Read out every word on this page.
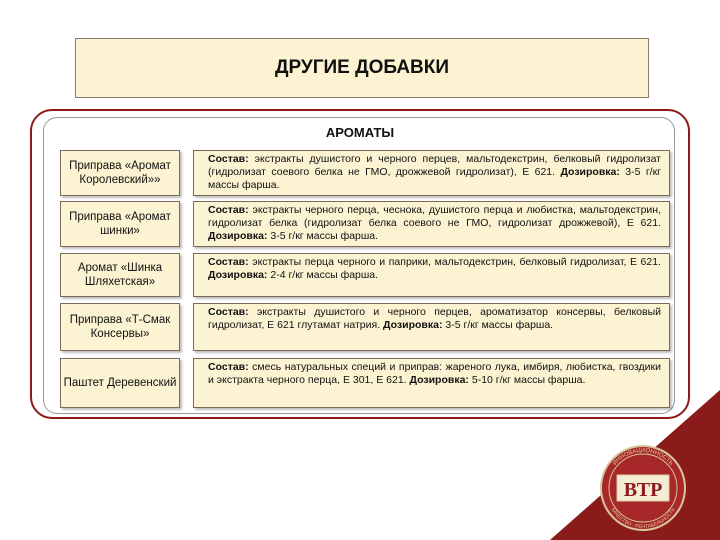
ДРУГИЕ ДОБАВКИ
АРОМАТЫ
Приправа «Аромат Королевский»»
Состав: экстракты душистого и черного перцев, мальтодекстрин, белковый гидролизат (гидролизат соевого белка не ГМО, дрожжевой гидролизат), Е 621. Дозировка: 3-5 г/кг массы фарша.
Приправа «Аромат шинки»
Состав: экстракты черного перца, чеснока, душистого перца и любистка, мальтодекстрин, гидролизат белка (гидролизат белка соевого не ГМО, гидролизат дрожжевой), Е 621. Дозировка: 3-5 г/кг массы фарша.
Аромат «Шинка Шляхетская»
Состав: экстракты перца черного и паприки, мальтодекстрин, белковый гидролизат, Е 621. Дозировка: 2-4 г/кг массы фарша.
Приправа «Т-Смак Консервы»
Состав: экстракты душистого и черного перцев, ароматизатор консервы, белковый гидролизат, Е 621 глутамат натрия. Дозировка: 3-5 г/кг массы фарша.
Паштет Деревенский
Состав: смесь натуральных специй и приправ: жареного лука, имбиря, любистка, гвоздики и экстракта черного перца, Е 301, Е 621. Дозировка: 5-10 г/кг массы фарша.
ИННОВАЦИОННОСТЬ
КАЧЕСТВО · РЕНТАБЕЛЬНОСТЬ
ВТР
